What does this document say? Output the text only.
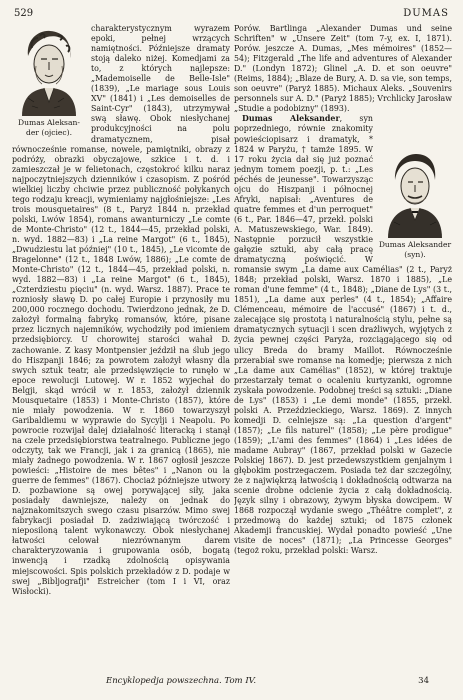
529	DUMAS
Dumas Aleksan-der (ojciec).

charakterystycznym wyrazem epoki, pełnej wrzących namiętności. Późniejsze dramaty stoją daleko niżej. Komedjami za to, z których najlepsze: „Mademoiselle de Belle-Isle" (1839), „Le mariage sous Louis XV" (1841) i „Les demoiselles de Saint-Cyr" (1843), utrzymywał swą sławę. Obok niesłychanej produkcyjności na polu dramatycznem, pisał równocześnie romanse, nowele, pamiętniki, obrazy z podróży, obrazki obyczajowe, szkice i t. d. i zamieszczał je w felietonach, częstokroć kilku naraz najpoczytniejszych dzienników i czasopism. Z pośród wielkiej liczby chciwie przez publiczność połykanych tego rodzaju kreacji, wymieniamy najgłośniejsze: „Les trois mousquetaires" (8 t., Paryż 1844 n. przekład polski, Lwów 1854), romans awanturniczy „Le comte de Monte-Christo" (12 t., 1844—45, przekład polski, n. wyd. 1882—83) i „La reine Margot" (6 t., 1845), „Dwudziestu lat później" (10 t., 1845), „Le vicomte de Bragelonne" (12 t., 1848 Lwów, 1886); „Le comte de Monte-Christo" (12 t., 1844—45, przekład polski, n. wyd. 1882—83) i „La reine Margot" (6 t., 1845), „Czterdziestu pięciu" (n. wyd. Warsz. 1887). Prace te rozniosły sławę D. po całej Europie i przynosiły mu 200,000 rocznego dochodu. Twierdzono jednak, że D. założył formalną fabrykę romansów, które, pisane przez licznych najemników, wychodziły pod imieniem przedsiębiorcy. U chorowitej starości wahał D. zachowanie. Z kasy Montpensier jeździł na ślub jego do Hiszpanji 1846; za powrotem założył własny dla swych sztuk teatr, ale przedsięwzięcie to runęło w epoce rewolucji Lutowej. W r. 1852 wyjechał do Belgji, skąd wrócił w r. 1853, założył dziennik Mousquetaire (1853) i Monte-Christo (1857), które nie miały powodzenia. W r. 1860 towarzyszył Garibaldiemu w wyprawie do Sycylji i Neapolu. Po powrocie rozwijał dalej działalność literacką i stanął na czele przedsiębiorstwa teatralnego. Publiczne jego odczyty, tak we Francji, jak i za granicą (1865), nie miały żadnego powodzenia. W r. 1867 ogłosił jeszcze powieści: „Histoire de mes bêtes" i „Nanon ou la guerre de femmes" (1867). Chociaż późniejsze utwory D. pozbawione są owej porywającej siły, jaka posiadały dawniejsze, należy on jednak do najznakomitszych swego czasu pisarzów. Mimo swej fabrykacji posiadał D. zadziwiającą twórczość i nieposiloną talent wykonawczy. Obok niesłychanej łatwości celował niezrównanym darem charakteryzowania i grupowania osób, bogatą inwencją i rzadką zdolnością opisywania miejscowości. Spis polskich przekładów z D. podaje w swej „Bibljografji" Estreicher (tom I i VI, oraz Wisłocki).

Porów. Bartlinga „Alexander Dumas und seine Schriften" w „Unsere Zeit" (tom 7-y, ex. I, 1871). Porów. jeszcze A. Dumas, „Mes mémoires" (1852—54); Fitzgerald „The life and adventures of Alexander D." (Londyn 1872); Glinel „A. D. et son oeuvre" (Reims, 1884); „Blaze de Bury, A. D. sa vie, son temps, son oeuvre" (Paryż 1885). Michaux Aleks. „Souvenirs personnels sur A. D." (Paryż 1885); Vrchlicky Jarosław „Studie a podobizny" (1893).

Dumas Aleksander (syn).

Dumas Aleksander, syn poprzedniego, równie znakomity powieściopisarz i dramatyk, * 1824 w Paryżu, † tamże 1895. W 17 roku życia dał się już poznać jednym tomem poezji, p. t.: „Les péchés de jeunesse". Towarzysząc ojcu do Hiszpanji i północnej Afryki, napisał: „Aventures de quatre femmes et d'un perroquet" (6 t., Par. 1846—47, przekł. polski A. Matuszewskiego, War. 1849). Następnie porzucił wszystkie gałęzie sztuki, aby całą pracę dramatyczną poświęcić. W romansie swym „La dame aux Camélias" (2 t., Paryż 1848; przekład polski, Warsz. 1870 i 1885), „Le roman d'une femme" (4 t., 1848); „Diane de Lys" (3 t., 1851), „La dame aux perles" (4 t., 1854); „Affaire Clémenceau, mémoire de l'accusé" (1867) i t. d., zalecające się prostotą i naturalnością stylu, pełne są dramatycznych sytuacji i scen drażliwych, wyjętych z życia pewnej części Paryża, rozciągającego się od ulicy Breda do bramy Maillot. Równocześnie przerabiał swe romanse na komedje; pierwsza z nich „La dame aux Camélias" (1852), w której traktuje przestarzały temat o ocaleniu kurtyzanki, ogromne zyskała powodzenie. Podobnej treści są sztuki: „Diane de Lys" (1853) i „Le demi monde" (1855, przekł. polski A. Przeździeckiego, Warsz. 1869). Z innych komedji D. celniejsze są: „La question d'argent" (1857); „Le fils naturel" (1858); „Le père prodigue" (1859); „L'ami des femmes" (1864) i „Les idées de madame Aubray" (1867, przekład polski w Gazecie Polskiej 1867). D. jest przedewszystkiem genjalnym i głębokim postrzegaczem. Posiada też dar szczególny, że z najwiękrzą łatwością i dokładnością odtwarza na scenie drobne odcienie życia z całą dokładnością. Język silny i obrazowy, żywym błyska dowcipem. W 1868 rozpoczął wydanie swego „Théâtre complet", z przedmową do każdej sztuki; od 1875 członek Akademji francuskiej. Wydał ponadto powieść „Une visite de noces" (1871); „La Princesse Georges" (tegoż roku, przekład polski: Warsz.

Encyklopedja powszechna. Tom IV.	34
